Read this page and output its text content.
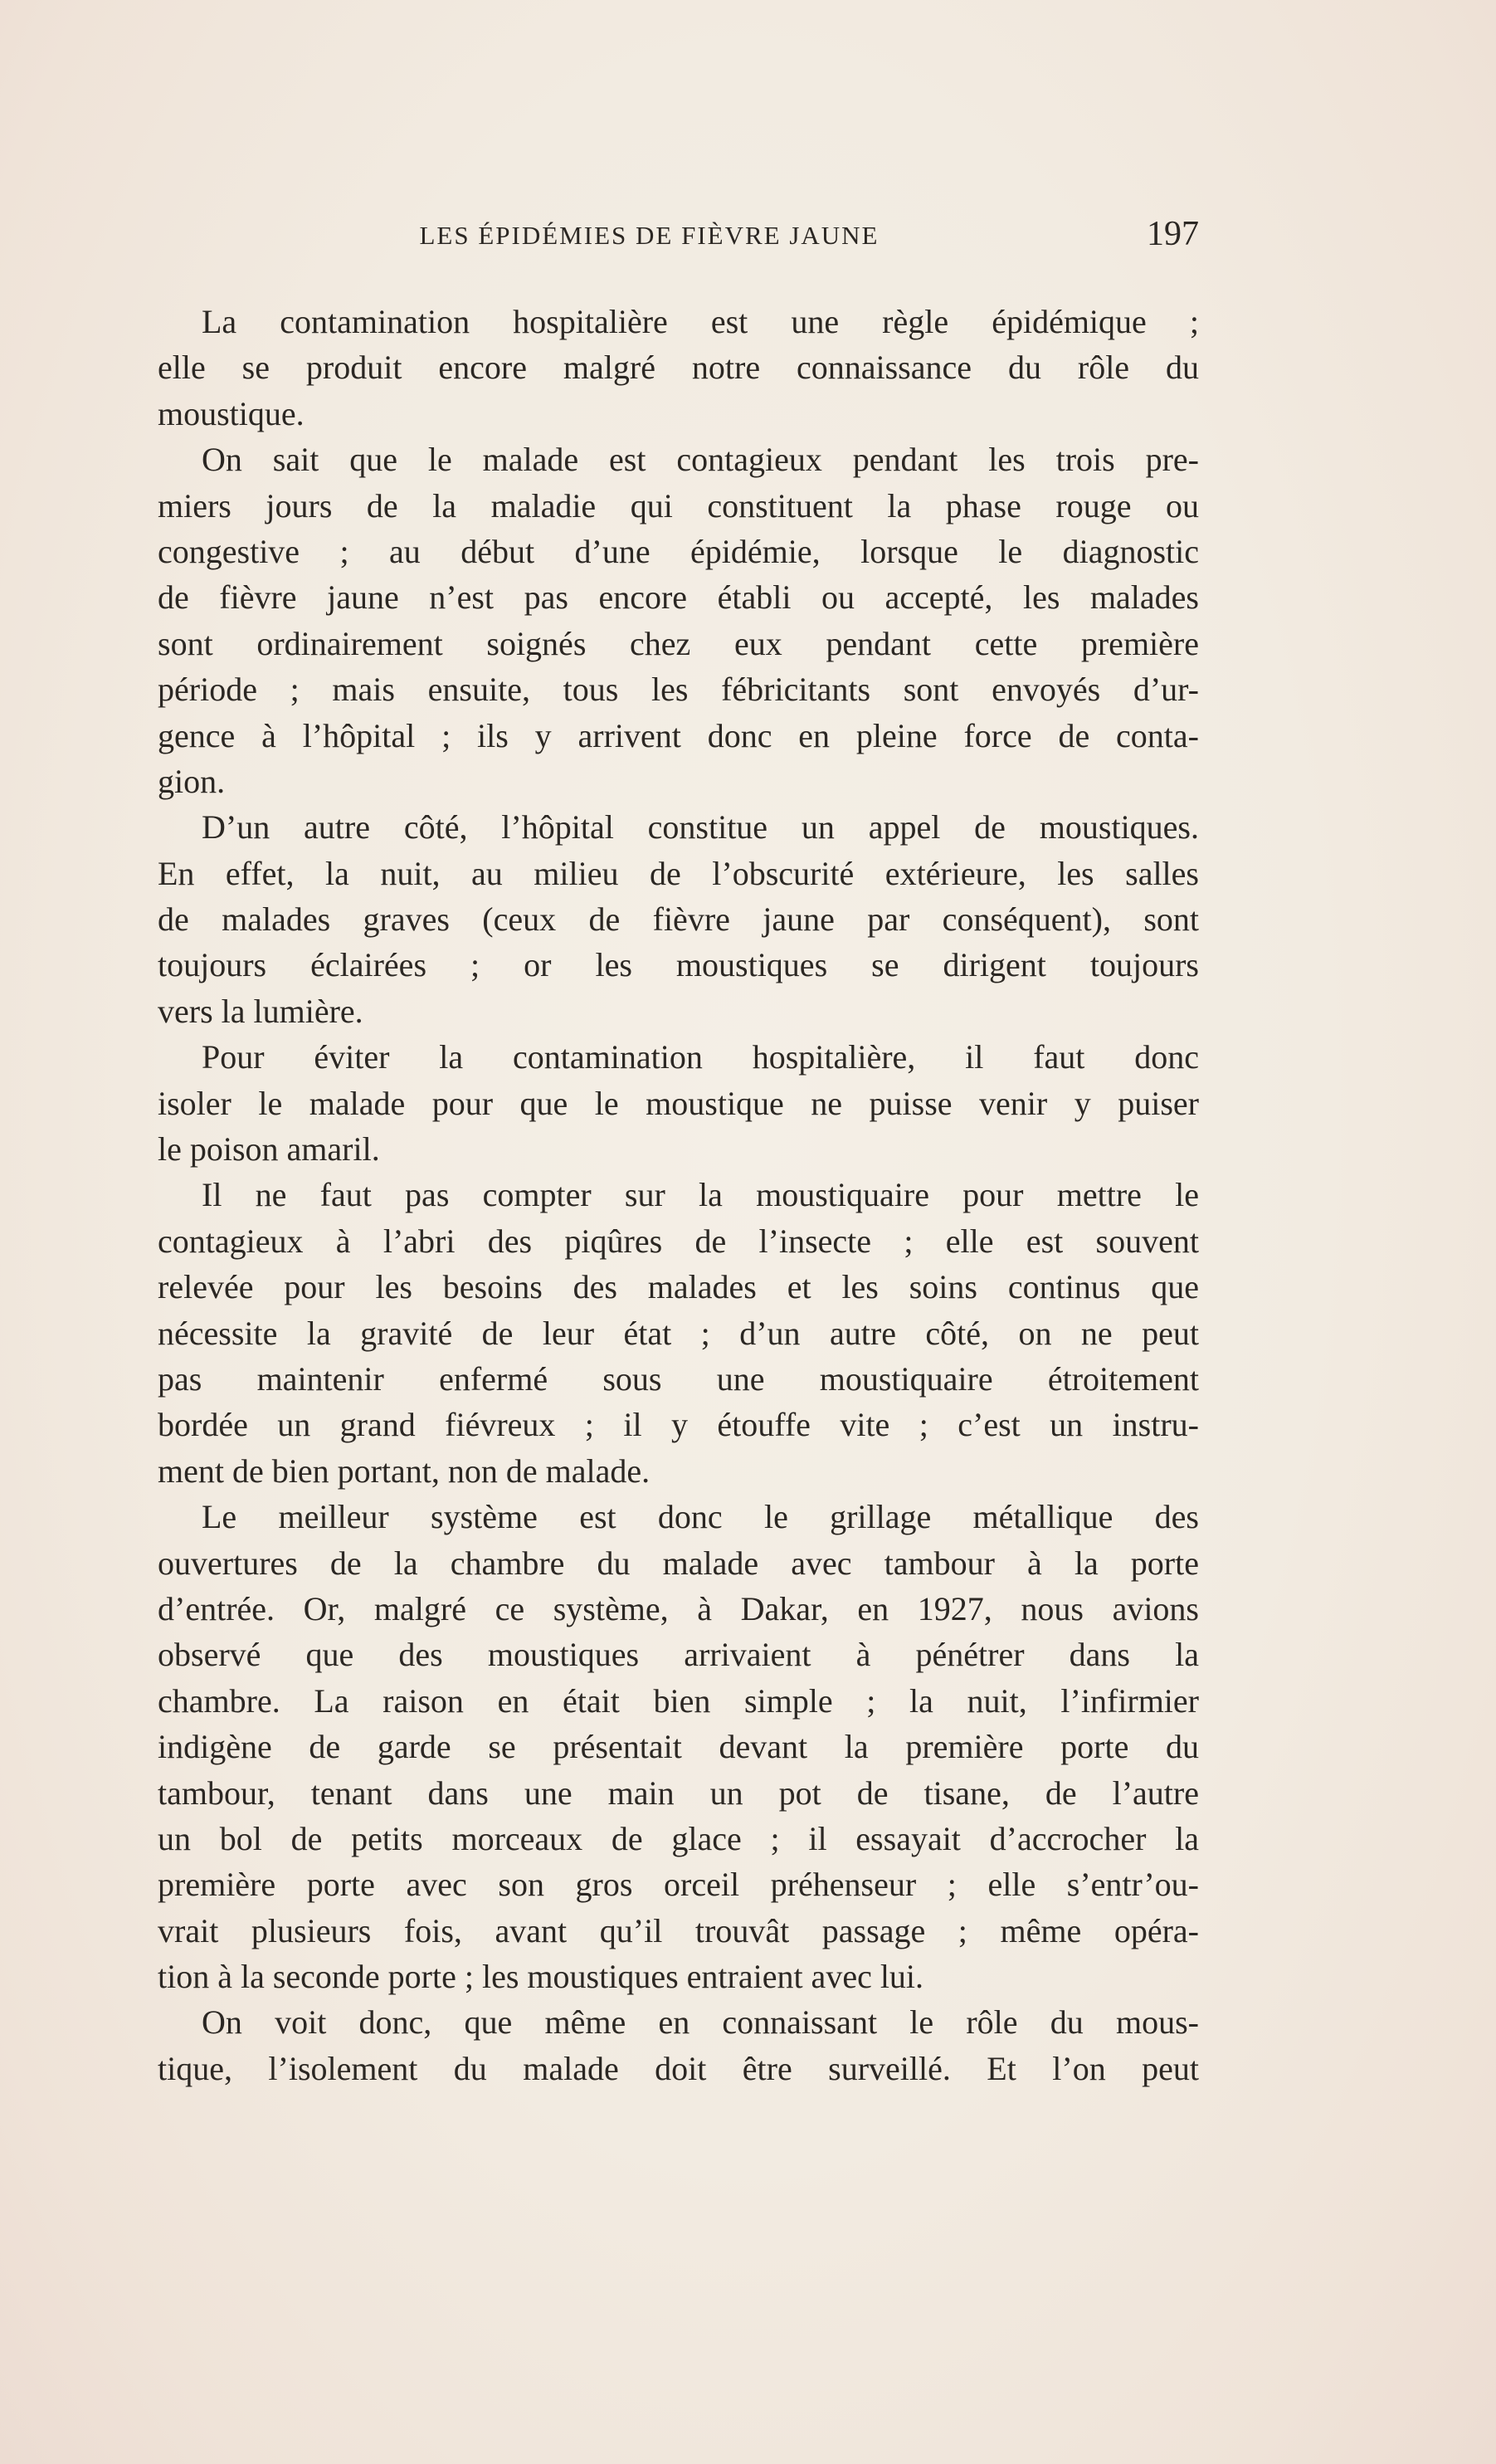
LES ÉPIDÉMIES DE FIÈVRE JAUNE	197
La contamination hospitalière est une règle épidémique ;
elle se produit encore malgré notre connaissance du rôle du
moustique.
On sait que le malade est contagieux pendant les trois pre-
miers jours de la maladie qui constituent la phase rouge ou
congestive ; au début d’une épidémie, lorsque le diagnostic
de fièvre jaune n’est pas encore établi ou accepté, les malades
sont ordinairement soignés chez eux pendant cette première
période ; mais ensuite, tous les fébricitants sont envoyés d’ur-
gence à l’hôpital ; ils y arrivent donc en pleine force de conta-
gion.
D’un autre côté, l’hôpital constitue un appel de moustiques.
En effet, la nuit, au milieu de l’obscurité extérieure, les salles
de malades graves (ceux de fièvre jaune par conséquent), sont
toujours éclairées ; or les moustiques se dirigent toujours
vers la lumière.
Pour éviter la contamination hospitalière, il faut donc
isoler le malade pour que le moustique ne puisse venir y puiser
le poison amaril.
Il ne faut pas compter sur la moustiquaire pour mettre le
contagieux à l’abri des piqûres de l’insecte ; elle est souvent
relevée pour les besoins des malades et les soins continus que
nécessite la gravité de leur état ; d’un autre côté, on ne peut
pas maintenir enfermé sous une moustiquaire étroitement
bordée un grand fiévreux ; il y étouffe vite ; c’est un instru-
ment de bien portant, non de malade.
Le meilleur système est donc le grillage métallique des
ouvertures de la chambre du malade avec tambour à la porte
d’entrée. Or, malgré ce système, à Dakar, en 1927, nous avions
observé que des moustiques arrivaient à pénétrer dans la
chambre. La raison en était bien simple ; la nuit, l’infirmier
indigène de garde se présentait devant la première porte du
tambour, tenant dans une main un pot de tisane, de l’autre
un bol de petits morceaux de glace ; il essayait d’accrocher la
première porte avec son gros orceil préhenseur ; elle s’entr’ou-
vrait plusieurs fois, avant qu’il trouvât passage ; même opéra-
tion à la seconde porte ; les moustiques entraient avec lui.
On voit donc, que même en connaissant le rôle du mous-
tique, l’isolement du malade doit être surveillé. Et l’on peut
